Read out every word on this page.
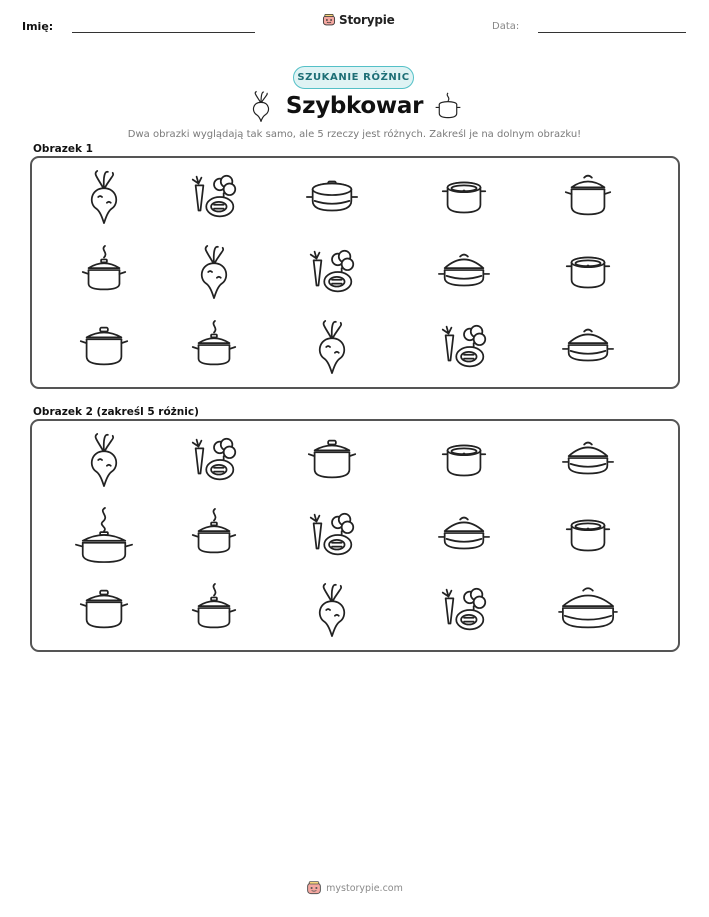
Imię:	Storypie	Data:
SZUKANIE RÓŻNIC
Szybkowar
Dwa obrazki wyglądają tak samo, ale 5 rzeczy jest różnych. Zakreśl je na dolnym obrazku!
Obrazek 1
Obrazek 2 (zakreśl 5 różnic)
mystorypie.com
